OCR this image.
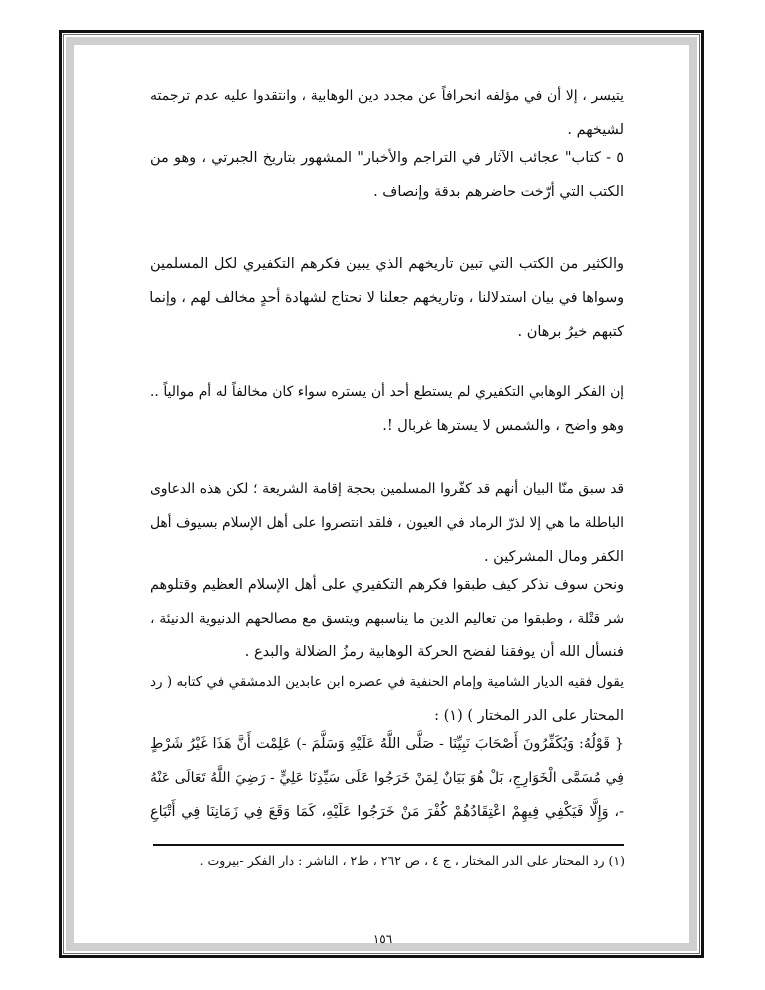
يتيسر ، إلا أن في مؤلفه انحرافاً عن مجدد دين الوهابية ، وانتقدوا عليه عدم ترجمته
لشيخهم .
٥ - كتاب" عجائب الآثار في التراجم والأخبار" المشهور بتاريخ الجبرتي ، وهو من
الكتب التي أرّخت حاضرهم بدقة وإنصاف .
والكثير من الكتب التي تبين تاريخهم الذي يبين فكرهم التكفيري لكل المسلمين
وسواها في بيان استدلالنا ، وتاريخهم جعلنا لا نحتاج لشهادة أحدٍ مخالف لهم ، وإنما
كتبهم خيرُ برهان .
إن الفكر الوهابي التكفيري لم يستطع أحد أن يستره سواء كان مخالفاً له أم موالياً ..
وهو واضح ، والشمس لا يسترها غربال !.
قد سبق منّا البيان أنهم قد كفّروا المسلمين بحجة إقامة الشريعة ؛ لكن هذه الدعاوى
الباطلة ما هي إلا لذرّ الرماد في العيون ، فلقد انتصروا على أهل الإسلام بسيوف أهل
الكفر ومال المشركين .
ونحن سوف نذكر كيف طبقوا فكرهم التكفيري على أهل الإسلام العظيم وقتلوهم
شر قتْلة ، وطبقوا من تعاليم الدين ما يناسبهم ويتسق مع مصالحهم الدنيوية الدنيئة ،
فنسأل الله أن يوفقنا لفضح الحركة الوهابية رمزُ الضلالة والبدع .
يقول فقيه الديار الشامية وإمام الحنفية في عصره ابن عابدين الدمشقي في كتابه ( رد
المحتار على الدر المختار ) (١) :
{ قَوْلُهُ: وَيُكَفِّرُونَ أَصْحَابَ نَبِيِّنَا - صَلَّى اللَّهُ عَلَيْهِ وَسَلَّمَ -) عَلِمْت أَنَّ هَذَا غَيْرُ شَرْطٍ
فِي مُسَمَّى الْخَوَارِجِ، بَلْ هُوَ بَيَانٌ لِمَنْ خَرَجُوا عَلَى سَيِّدِنَا عَلِيٍّ - رَضِيَ اللَّهُ تَعَالَى عَنْهُ
-، وَإِلَّا فَيَكْفِي فِيهِمْ اعْتِقَادُهُمْ كُفْرَ مَنْ خَرَجُوا عَلَيْهِ، كَمَا وَقَعَ فِي زَمَانِنَا فِي أَتْبَاعِ
(١) رد المحتار على الدر المختار ، ج ٤ ، ص ٢٦٢ ، ط٢ ، الناشر : دار الفكر -بيروت .
١٥٦
